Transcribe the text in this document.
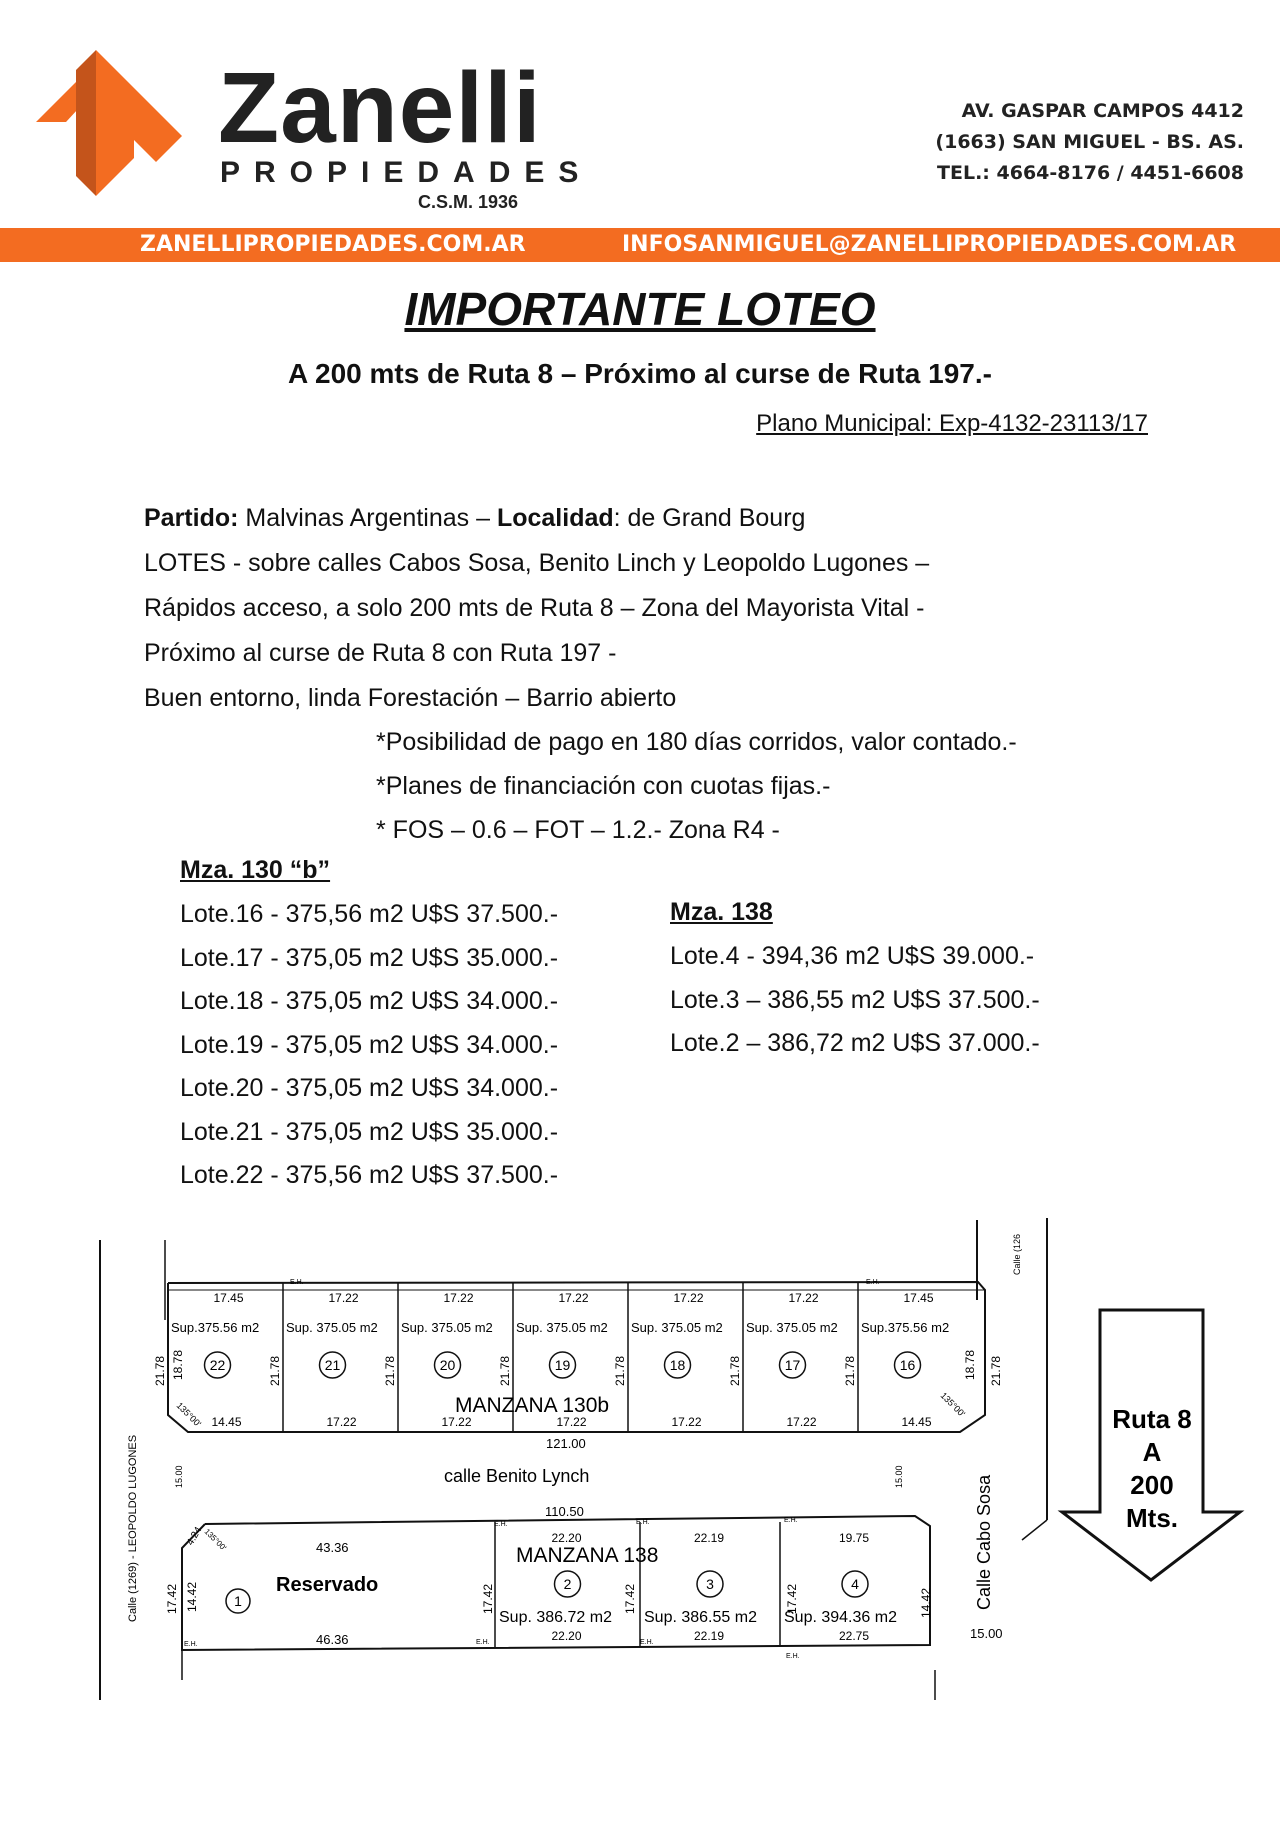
Zanelli
PROPIEDADES
C.S.M. 1936
AV. GASPAR CAMPOS 4412
(1663) SAN MIGUEL - BS. AS.
TEL.: 4664-8176 / 4451-6608
ZANELLIPROPIEDADES.COM.AR	INFOSANMIGUEL@ZANELLIPROPIEDADES.COM.AR
IMPORTANTE LOTEO
A 200 mts de Ruta 8 – Próximo al curse de Ruta 197.-
Plano Municipal: Exp-4132-23113/17
Partido: Malvinas Argentinas – Localidad: de Grand Bourg
LOTES - sobre calles Cabos Sosa, Benito Linch y Leopoldo Lugones –
Rápidos acceso, a solo 200 mts de Ruta 8 – Zona del Mayorista Vital -
Próximo al curse de Ruta 8 con Ruta 197 -
Buen entorno, linda Forestación – Barrio abierto
*Posibilidad de pago en 180 días corridos, valor contado.-
*Planes de financiación con cuotas fijas.-
* FOS – 0.6 – FOT – 1.2.- Zona R4 -
Mza. 130 “b”
Lote.16 - 375,56 m2 U$S 37.500.-
Lote.17 - 375,05 m2 U$S 35.000.-
Lote.18 - 375,05 m2 U$S 34.000.-
Lote.19 - 375,05 m2 U$S 34.000.-
Lote.20 - 375,05 m2 U$S 34.000.-
Lote.21 - 375,05 m2 U$S 35.000.-
Lote.22 - 375,56 m2 U$S 37.500.-
Mza. 138
Lote.4 - 394,36 m2 U$S 39.000.-
Lote.3 – 386,55 m2 U$S 37.500.-
Lote.2 – 386,72 m2 U$S 37.000.-
17.45
Sup.375.56 m2
22
14.45
21.78
17.22
Sup. 375.05 m2
21
17.22
21.78
17.22
Sup. 375.05 m2
20
17.22
21.78
17.22
Sup. 375.05 m2
19
17.22
21.78
17.22
Sup. 375.05 m2
18
17.22
21.78
17.22
Sup. 375.05 m2
17
17.22
21.78
17.45
Sup.375.56 m2
16
14.45
21.78 18.78	18.78 21.78
135°00'	135°00'
MANZANA 130b
121.00
calle Benito Lynch
Calle (1269) - LEOPOLDO LUGONES	Calle Cabo Sosa
Calle (126
15.00	15.00
15.00
110.50
MANZANA 138
Reservado
43.36
46.36
1
17.42 14.42
4.24
135°00'
17.42	17.42	17.42	14.42
22.20
2
Sup. 386.72 m2
22.20
22.19
3
Sup. 386.55 m2
22.19
19.75
4
Sup. 394.36 m2
22.75
E.H.	E.H.
E.H.	E.H.	E.H.
E.H.	E.H.	E.H.
E.H.
Ruta 8
A
200
Mts.
